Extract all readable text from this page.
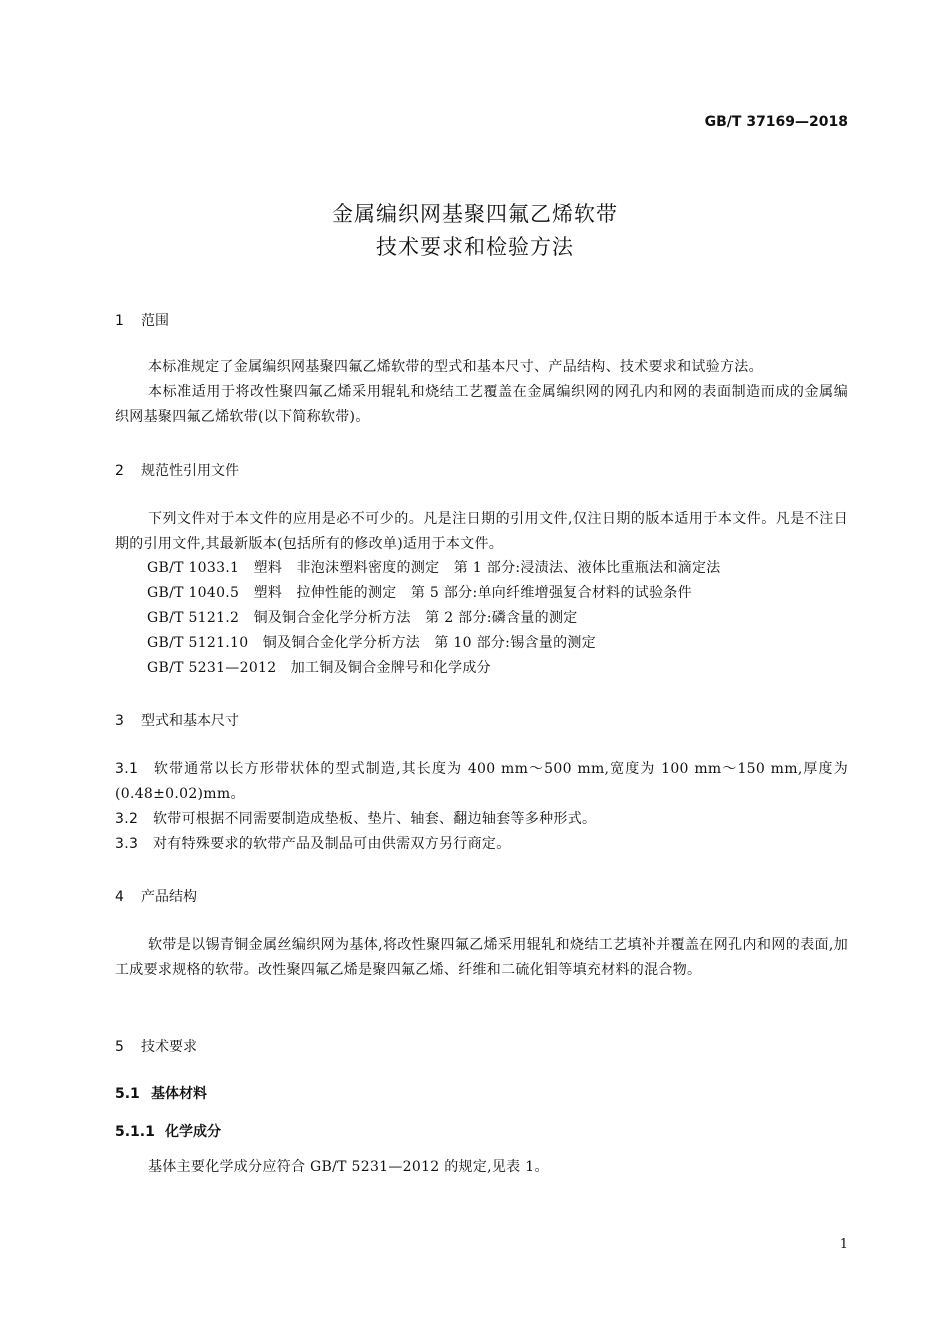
GB/T 37169—2018
金属编织网基聚四氟乙烯软带
技术要求和检验方法
1 范围
本标准规定了金属编织网基聚四氟乙烯软带的型式和基本尺寸、产品结构、技术要求和试验方法。
本标准适用于将改性聚四氟乙烯采用辊轧和烧结工艺覆盖在金属编织网的网孔内和网的表面制造而成的金属编织网基聚四氟乙烯软带(以下简称软带)。
2 规范性引用文件
下列文件对于本文件的应用是必不可少的。凡是注日期的引用文件,仅注日期的版本适用于本文件。凡是不注日期的引用文件,其最新版本(包括所有的修改单)适用于本文件。
GB/T 1033.1　塑料　非泡沫塑料密度的测定　第 1 部分:浸渍法、液体比重瓶法和滴定法
GB/T 1040.5　塑料　拉伸性能的测定　第 5 部分:单向纤维增强复合材料的试验条件
GB/T 5121.2　铜及铜合金化学分析方法　第 2 部分:磷含量的测定
GB/T 5121.10　铜及铜合金化学分析方法　第 10 部分:锡含量的测定
GB/T 5231—2012　加工铜及铜合金牌号和化学成分
3 型式和基本尺寸
3.1 软带通常以长方形带状体的型式制造,其长度为 400 mm～500 mm,宽度为 100 mm～150 mm,厚度为(0.48±0.02)mm。
3.2 软带可根据不同需要制造成垫板、垫片、轴套、翻边轴套等多种形式。
3.3 对有特殊要求的软带产品及制品可由供需双方另行商定。
4 产品结构
软带是以锡青铜金属丝编织网为基体,将改性聚四氟乙烯采用辊轧和烧结工艺填补并覆盖在网孔内和网的表面,加工成要求规格的软带。改性聚四氟乙烯是聚四氟乙烯、纤维和二硫化钼等填充材料的混合物。
5 技术要求
5.1 基体材料
5.1.1 化学成分
基体主要化学成分应符合 GB/T 5231—2012 的规定,见表 1。
1
